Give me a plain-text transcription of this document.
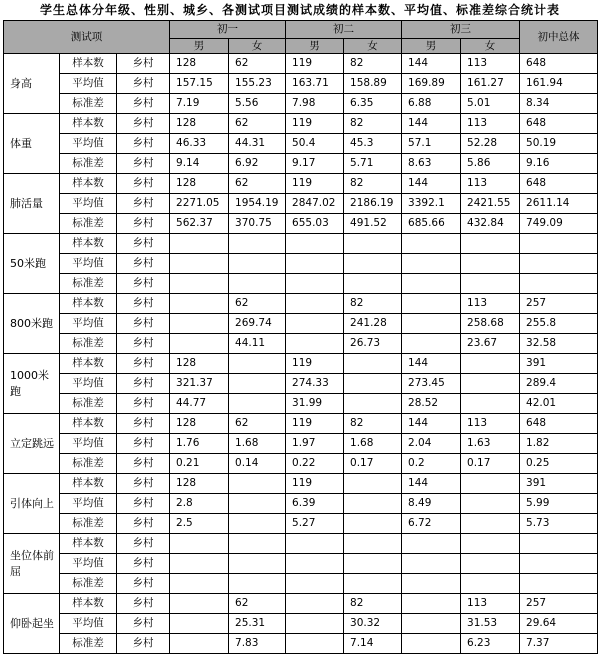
学生总体分年级、性别、城乡、各测试项目测试成绩的样本数、平均值、标准差综合统计表
测试项			初一		初二		初三		初中总体
			男	女	男	女	男	女	
身高	样本数	乡村	128	62	119	82	144	113	648
	平均值	乡村	157.15	155.23	163.71	158.89	169.89	161.27	161.94
	标准差	乡村	7.19	5.56	7.98	6.35	6.88	5.01	8.34
体重	样本数	乡村	128	62	119	82	144	113	648
	平均值	乡村	46.33	44.31	50.4	45.3	57.1	52.28	50.19
	标准差	乡村	9.14	6.92	9.17	5.71	8.63	5.86	9.16
肺活量	样本数	乡村	128	62	119	82	144	113	648
	平均值	乡村	2271.05	1954.19	2847.02	2186.19	3392.1	2421.55	2611.14
	标准差	乡村	562.37	370.75	655.03	491.52	685.66	432.84	749.09
50米跑	样本数	乡村							
	平均值	乡村							
	标准差	乡村							
800米跑	样本数	乡村		62		82		113	257
	平均值	乡村		269.74		241.28		258.68	255.8
	标准差	乡村		44.11		26.73		23.67	32.58
1000米跑	样本数	乡村	128		119		144		391
	平均值	乡村	321.37		274.33		273.45		289.4
	标准差	乡村	44.77		31.99		28.52		42.01
立定跳远	样本数	乡村	128	62	119	82	144	113	648
	平均值	乡村	1.76	1.68	1.97	1.68	2.04	1.63	1.82
	标准差	乡村	0.21	0.14	0.22	0.17	0.2	0.17	0.25
引体向上	样本数	乡村	128		119		144		391
	平均值	乡村	2.8		6.39		8.49		5.99
	标准差	乡村	2.5		5.27		6.72		5.73
坐位体前屈	样本数	乡村							
	平均值	乡村							
	标准差	乡村							
仰卧起坐	样本数	乡村		62		82		113	257
	平均值	乡村		25.31		30.32		31.53	29.64
	标准差	乡村		7.83		7.14		6.23	7.37
